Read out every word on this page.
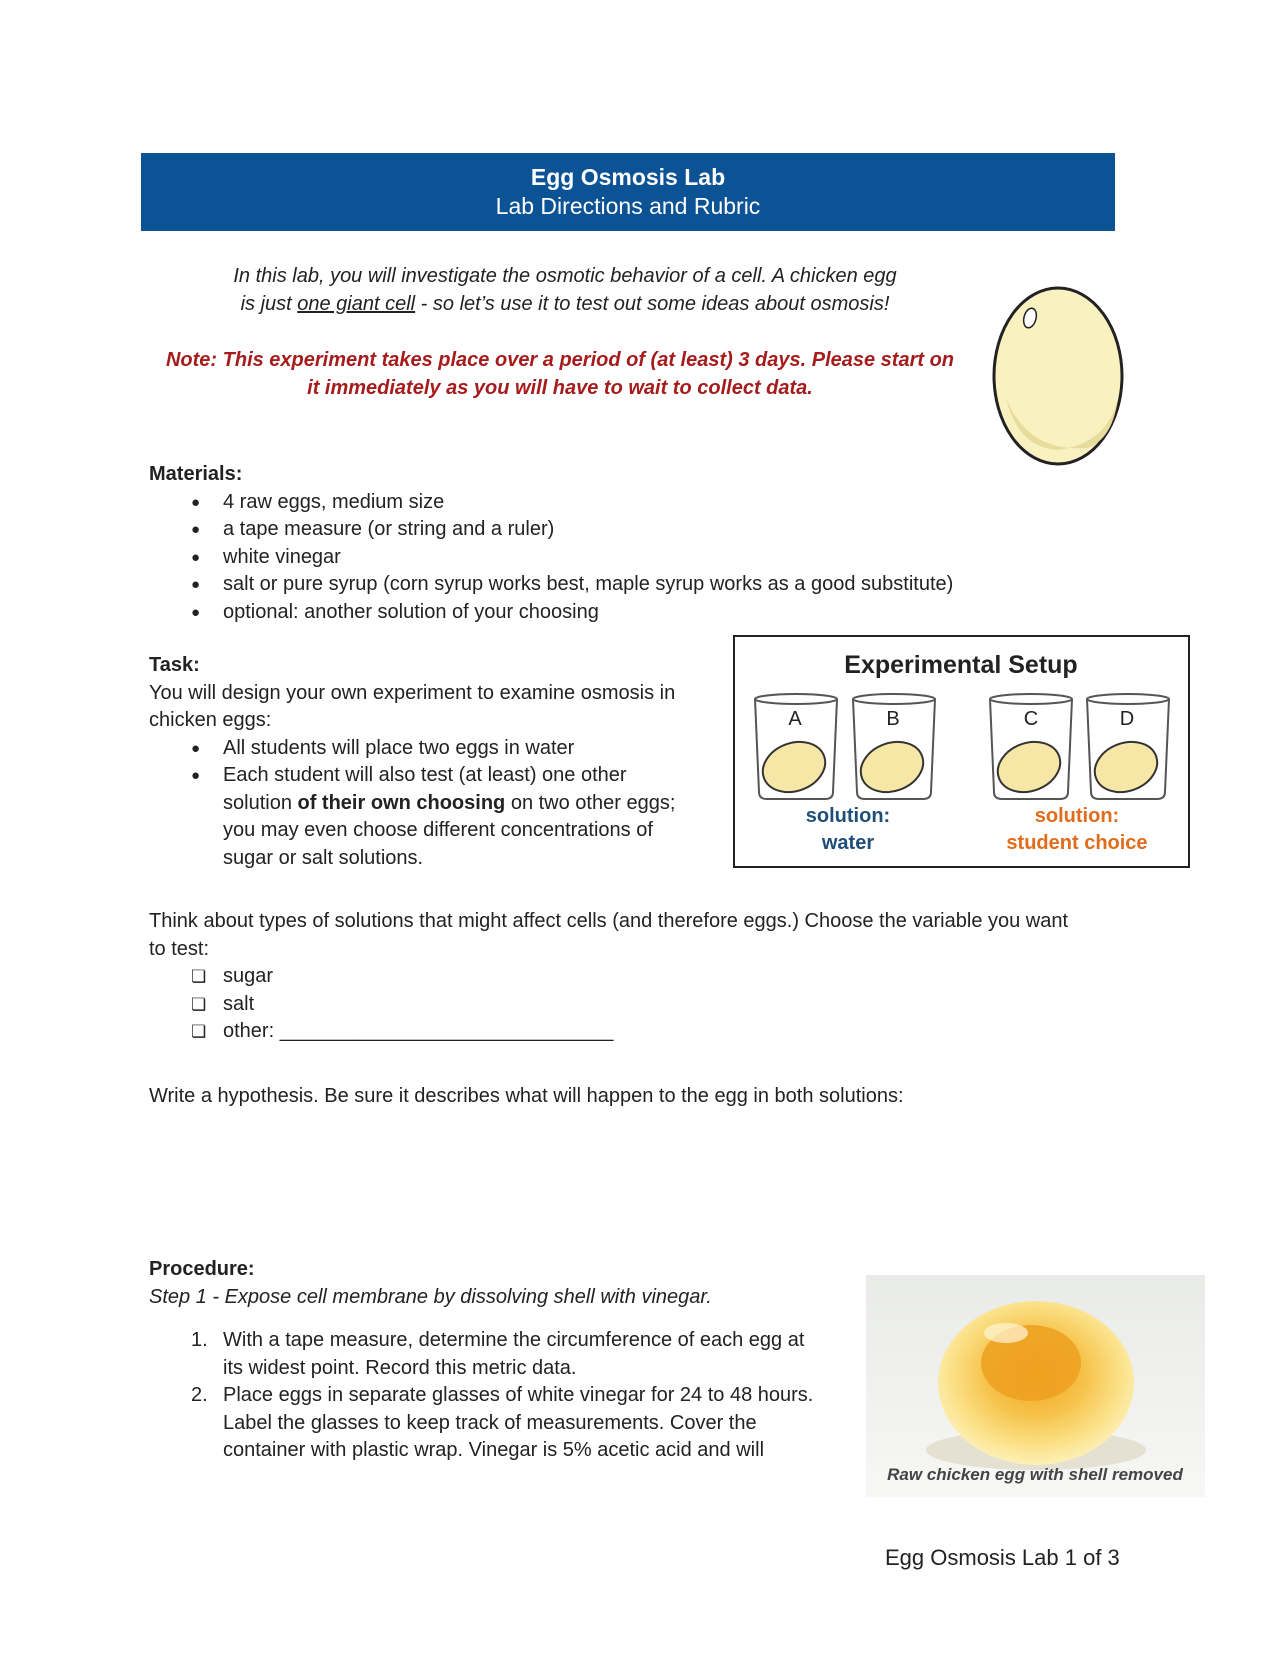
Egg Osmosis Lab
Lab Directions and Rubric
In this lab, you will investigate the osmotic behavior of a cell. A chicken egg
is just one giant cell - so let’s use it to test out some ideas about osmosis!
Note: This experiment takes place over a period of (at least) 3 days. Please start on
it immediately as you will have to wait to collect data.
Materials:
● 4 raw eggs, medium size
● a tape measure (or string and a ruler)
● white vinegar
● salt or pure syrup (corn syrup works best, maple syrup works as a good substitute)
● optional: another solution of your choosing
Task:
You will design your own experiment to examine osmosis in
chicken eggs:
● All students will place two eggs in water
● Each student will also test (at least) one other
solution of their own choosing on two other eggs;
you may even choose different concentrations of
sugar or salt solutions.
Experimental Setup
A	B	C	D
solution:
water
solution:
student choice
Think about types of solutions that might affect cells (and therefore eggs.) Choose the variable you want
to test:
❏ sugar
❏ salt
❏ other: ______________________________
Write a hypothesis. Be sure it describes what will happen to the egg in both solutions:
Procedure:
Step 1 - Expose cell membrane by dissolving shell with vinegar.
1. With a tape measure, determine the circumference of each egg at
its widest point. Record this metric data.
2. Place eggs in separate glasses of white vinegar for 24 to 48 hours.
Label the glasses to keep track of measurements. Cover the
container with plastic wrap. Vinegar is 5% acetic acid and will
Raw chicken egg with shell removed
Egg Osmosis Lab 1 of 3
